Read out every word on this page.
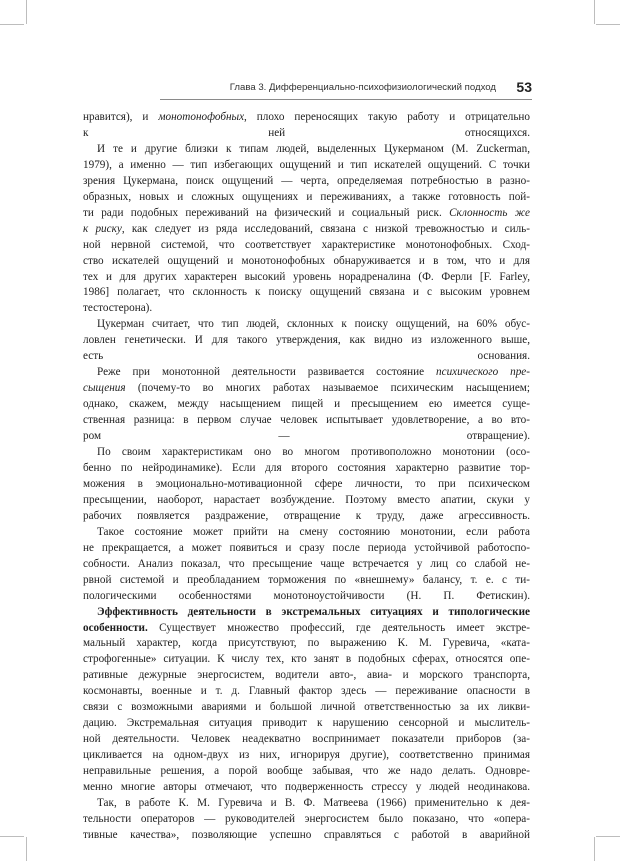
Глава 3. Дифференциально-психофизиологический подход 53

нравится), и монотонофобных, плохо переносящих такую работу и отрицательно
к ней относящихся.

И те и другие близки к типам людей, выделенных Цукерманом (M. Zuckerman,
1979), а именно — тип избегающих ощущений и тип искателей ощущений. С точки
зрения Цукермана, поиск ощущений — черта, определяемая потребностью в разно-
образных, новых и сложных ощущениях и переживаниях, а также готовность пой-
ти ради подобных переживаний на физический и социальный риск. Склонность же
к риску, как следует из ряда исследований, связана с низкой тревожностью и силь-
ной нервной системой, что соответствует характеристике монотонофобных. Сход-
ство искателей ощущений и монотонофобных обнаруживается и в том, что и для
тех и для других характерен высокий уровень норадреналина (Ф. Ферли [F. Farley,
1986] полагает, что склонность к поиску ощущений связана и с высоким уровнем
тестостерона).

Цукерман считает, что тип людей, склонных к поиску ощущений, на 60% обус-
ловлен генетически. И для такого утверждения, как видно из изложенного выше,
есть основания.

Реже при монотонной деятельности развивается состояние психического пре-
сыщения (почему-то во многих работах называемое психическим насыщением;
однако, скажем, между насыщением пищей и пресыщением ею имеется суще-
ственная разница: в первом случае человек испытывает удовлетворение, а во вто-
ром — отвращение).

По своим характеристикам оно во многом противоположно монотонии (осо-
бенно по нейродинамике). Если для второго состояния характерно развитие тор-
можения в эмоционально-мотивационной сфере личности, то при психическом
пресыщении, наоборот, нарастает возбуждение. Поэтому вместо апатии, скуки у
рабочих появляется раздражение, отвращение к труду, даже агрессивность.

Такое состояние может прийти на смену состоянию монотонии, если работа
не прекращается, а может появиться и сразу после периода устойчивой работоспо-
собности. Анализ показал, что пресыщение чаще встречается у лиц со слабой не-
рвной системой и преобладанием торможения по «внешнему» балансу, т. е. с ти-
пологическими особенностями монотоноустойчивости (Н. П. Фетискин).

Эффективность деятельности в экстремальных ситуациях и типологические
особенности. Существует множество профессий, где деятельность имеет экстре-
мальный характер, когда присутствуют, по выражению К. М. Гуревича, «ката-
строфогенные» ситуации. К числу тех, кто занят в подобных сферах, относятся опе-
ративные дежурные энергосистем, водители авто-, авиа- и морского транспорта,
космонавты, военные и т. д. Главный фактор здесь — переживание опасности в
связи с возможными авариями и большой личной ответственностью за их ликви-
дацию. Экстремальная ситуация приводит к нарушению сенсорной и мыслитель-
ной деятельности. Человек неадекватно воспринимает показатели приборов (за-
цикливается на одном-двух из них, игнорируя другие), соответственно принимая
неправильные решения, а порой вообще забывая, что же надо делать. Одновре-
менно многие авторы отмечают, что подверженность стрессу у людей неодинакова.

Так, в работе К. М. Гуревича и В. Ф. Матвеева (1966) применительно к дея-
тельности операторов — руководителей энергосистем было показано, что «опера-
тивные качества», позволяющие успешно справляться с работой в аварийной
